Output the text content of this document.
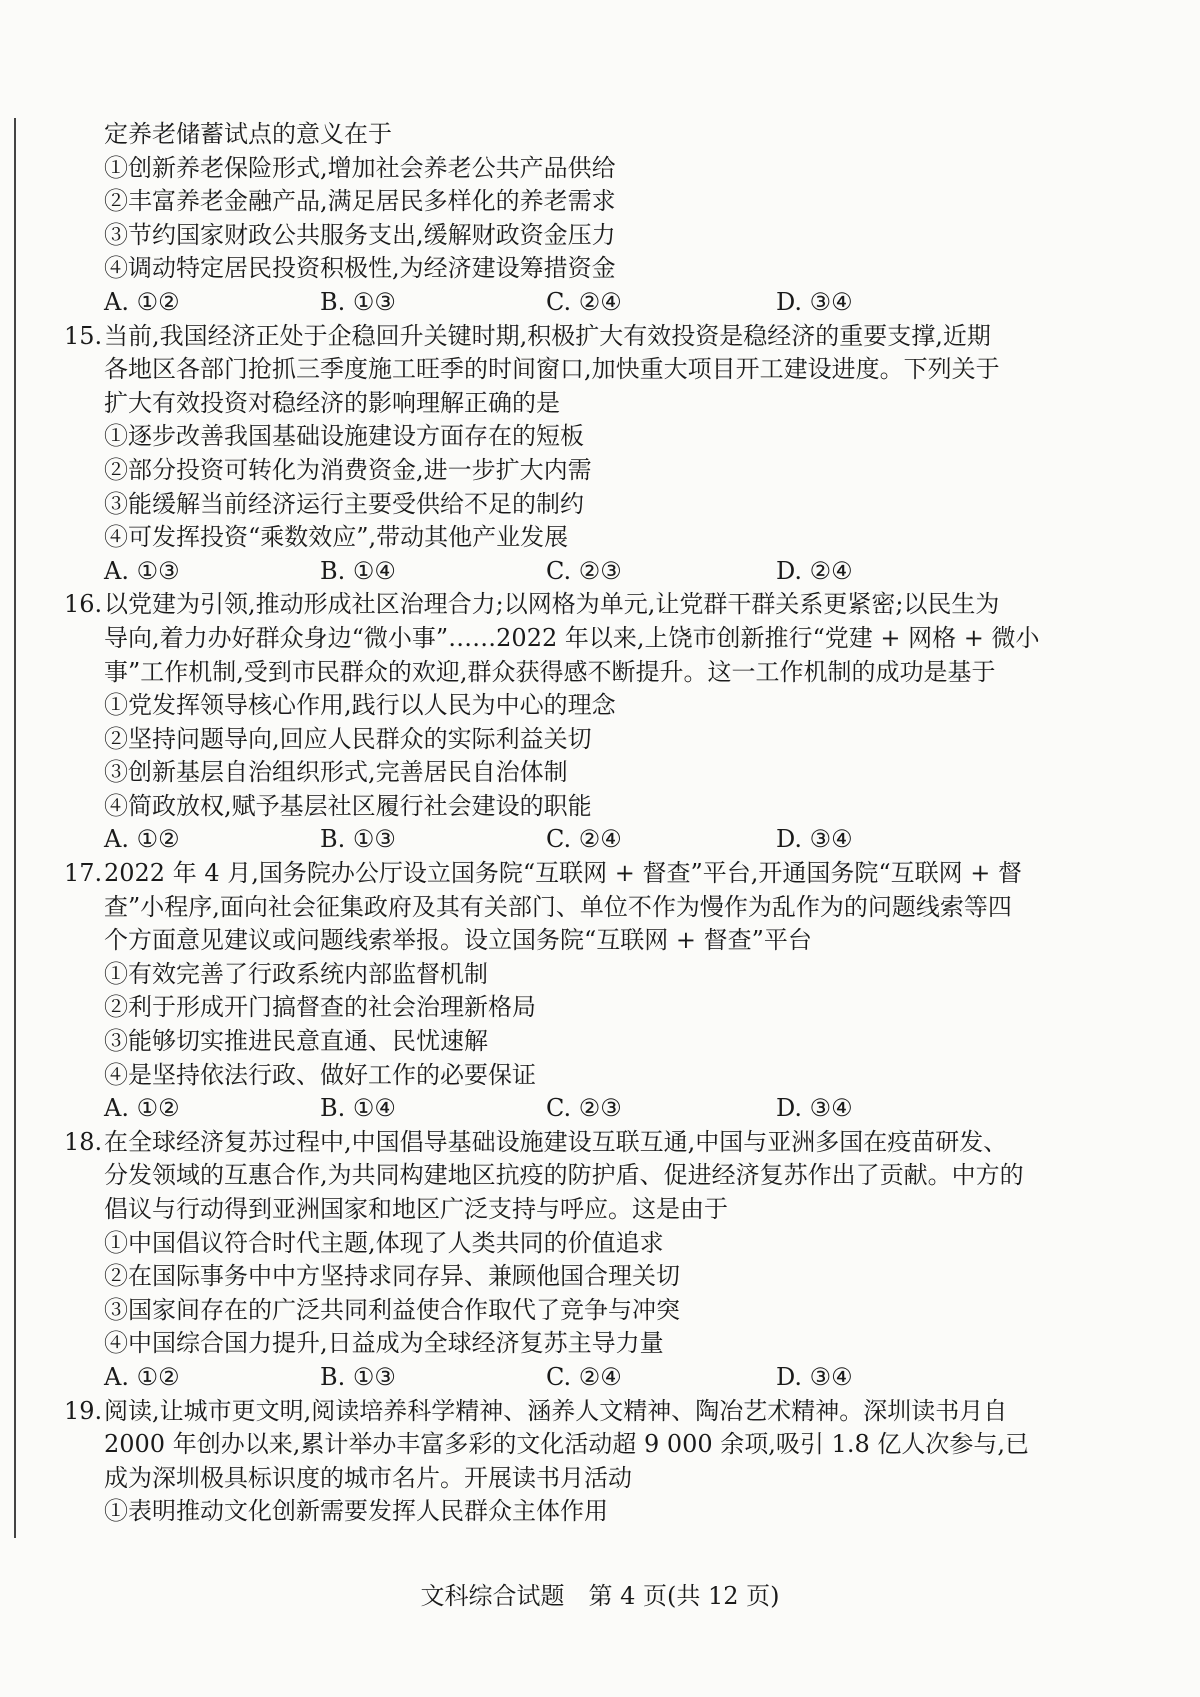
定养老储蓄试点的意义在于
①创新养老保险形式,增加社会养老公共产品供给
②丰富养老金融产品,满足居民多样化的养老需求
③节约国家财政公共服务支出,缓解财政资金压力
④调动特定居民投资积极性,为经济建设筹措资金
A. ①②	B. ①③	C. ②④	D. ③④
15. 当前,我国经济正处于企稳回升关键时期,积极扩大有效投资是稳经济的重要支撑,近期
各地区各部门抢抓三季度施工旺季的时间窗口,加快重大项目开工建设进度。下列关于
扩大有效投资对稳经济的影响理解正确的是
①逐步改善我国基础设施建设方面存在的短板
②部分投资可转化为消费资金,进一步扩大内需
③能缓解当前经济运行主要受供给不足的制约
④可发挥投资“乘数效应”,带动其他产业发展
A. ①③	B. ①④	C. ②③	D. ②④
16. 以党建为引领,推动形成社区治理合力;以网格为单元,让党群干群关系更紧密;以民生为
导向,着力办好群众身边“微小事”……2022 年以来,上饶市创新推行“党建 + 网格 + 微小
事”工作机制,受到市民群众的欢迎,群众获得感不断提升。这一工作机制的成功是基于
①党发挥领导核心作用,践行以人民为中心的理念
②坚持问题导向,回应人民群众的实际利益关切
③创新基层自治组织形式,完善居民自治体制
④简政放权,赋予基层社区履行社会建设的职能
A. ①②	B. ①③	C. ②④	D. ③④
17. 2022 年 4 月,国务院办公厅设立国务院“互联网 + 督查”平台,开通国务院“互联网 + 督
查”小程序,面向社会征集政府及其有关部门、单位不作为慢作为乱作为的问题线索等四
个方面意见建议或问题线索举报。设立国务院“互联网 + 督查”平台
①有效完善了行政系统内部监督机制
②利于形成开门搞督查的社会治理新格局
③能够切实推进民意直通、民忧速解
④是坚持依法行政、做好工作的必要保证
A. ①②	B. ①④	C. ②③	D. ③④
18. 在全球经济复苏过程中,中国倡导基础设施建设互联互通,中国与亚洲多国在疫苗研发、
分发领域的互惠合作,为共同构建地区抗疫的防护盾、促进经济复苏作出了贡献。中方的
倡议与行动得到亚洲国家和地区广泛支持与呼应。这是由于
①中国倡议符合时代主题,体现了人类共同的价值追求
②在国际事务中中方坚持求同存异、兼顾他国合理关切
③国家间存在的广泛共同利益使合作取代了竞争与冲突
④中国综合国力提升,日益成为全球经济复苏主导力量
A. ①②	B. ①③	C. ②④	D. ③④
19. 阅读,让城市更文明,阅读培养科学精神、涵养人文精神、陶冶艺术精神。深圳读书月自
2000 年创办以来,累计举办丰富多彩的文化活动超 9 000 余项,吸引 1.8 亿人次参与,已
成为深圳极具标识度的城市名片。开展读书月活动
①表明推动文化创新需要发挥人民群众主体作用
文科综合试题　第 4 页(共 12 页)
